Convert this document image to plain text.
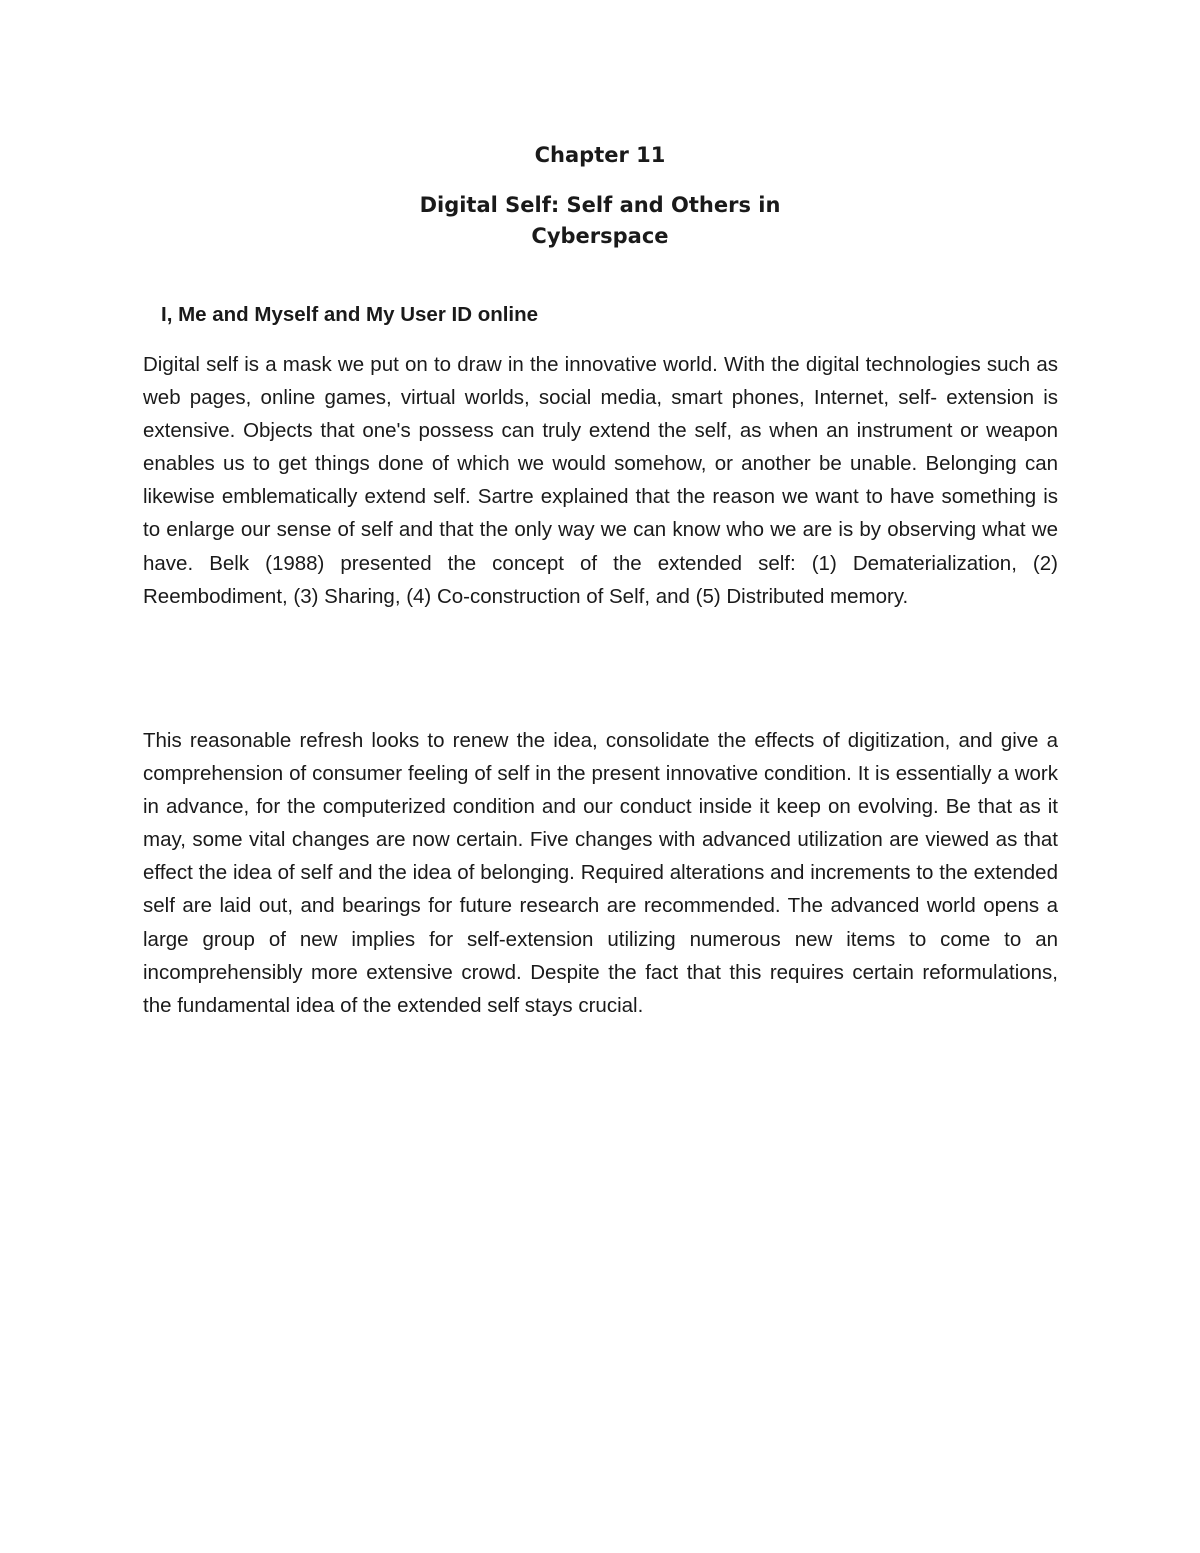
Chapter 11
Digital Self: Self and Others in
Cyberspace
I, Me and Myself and My User ID online

Digital self is a mask we put on to draw in the innovative world. With the digital technologies such as web pages, online games, virtual worlds, social media, smart phones, Internet, self- extension is extensive. Objects that one's possess can truly extend the self, as when an instrument or weapon enables us to get things done of which we would somehow, or another be unable. Belonging can likewise emblematically extend self. Sartre explained that the reason we want to have something is to enlarge our sense of self and that the only way we can know who we are is by observing what we have. Belk (1988) presented the concept of the extended self: (1) Dematerialization, (2) Reembodiment, (3) Sharing, (4) Co-construction of Self, and (5) Distributed memory.

This reasonable refresh looks to renew the idea, consolidate the effects of digitization, and give a comprehension of consumer feeling of self in the present innovative condition. It is essentially a work in advance, for the computerized condition and our conduct inside it keep on evolving. Be that as it may, some vital changes are now certain. Five changes with advanced utilization are viewed as that effect the idea of self and the idea of belonging. Required alterations and increments to the extended self are laid out, and bearings for future research are recommended. The advanced world opens a large group of new implies for self-extension utilizing numerous new items to come to an incomprehensibly more extensive crowd. Despite the fact that this requires certain reformulations, the fundamental idea of the extended self stays crucial.
